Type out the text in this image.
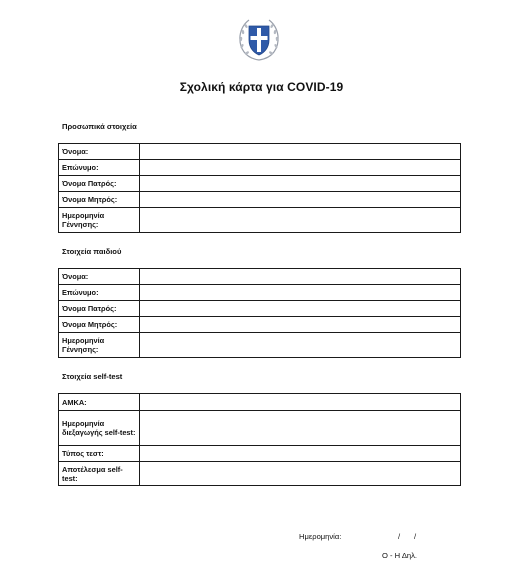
Σχολική κάρτα για COVID-19
Προσωπικά στοιχεία
Όνομα:	
Επώνυμο:	
Όνομα Πατρός:	
Όνομα Μητρός:	
Ημερομηνία Γέννησης:	
Στοιχεία παιδιού
Όνομα:	
Επώνυμο:	
Όνομα Πατρός:	
Όνομα Μητρός:	
Ημερομηνία Γέννησης:	
Στοιχεία self-test
ΑΜΚΑ:	
Ημερομηνία διεξαγωγής self-test:	
Τύπος τεστ:	
Αποτέλεσμα self-test:	
Ημερομηνία:	/ /
Ο - Η Δηλ.
